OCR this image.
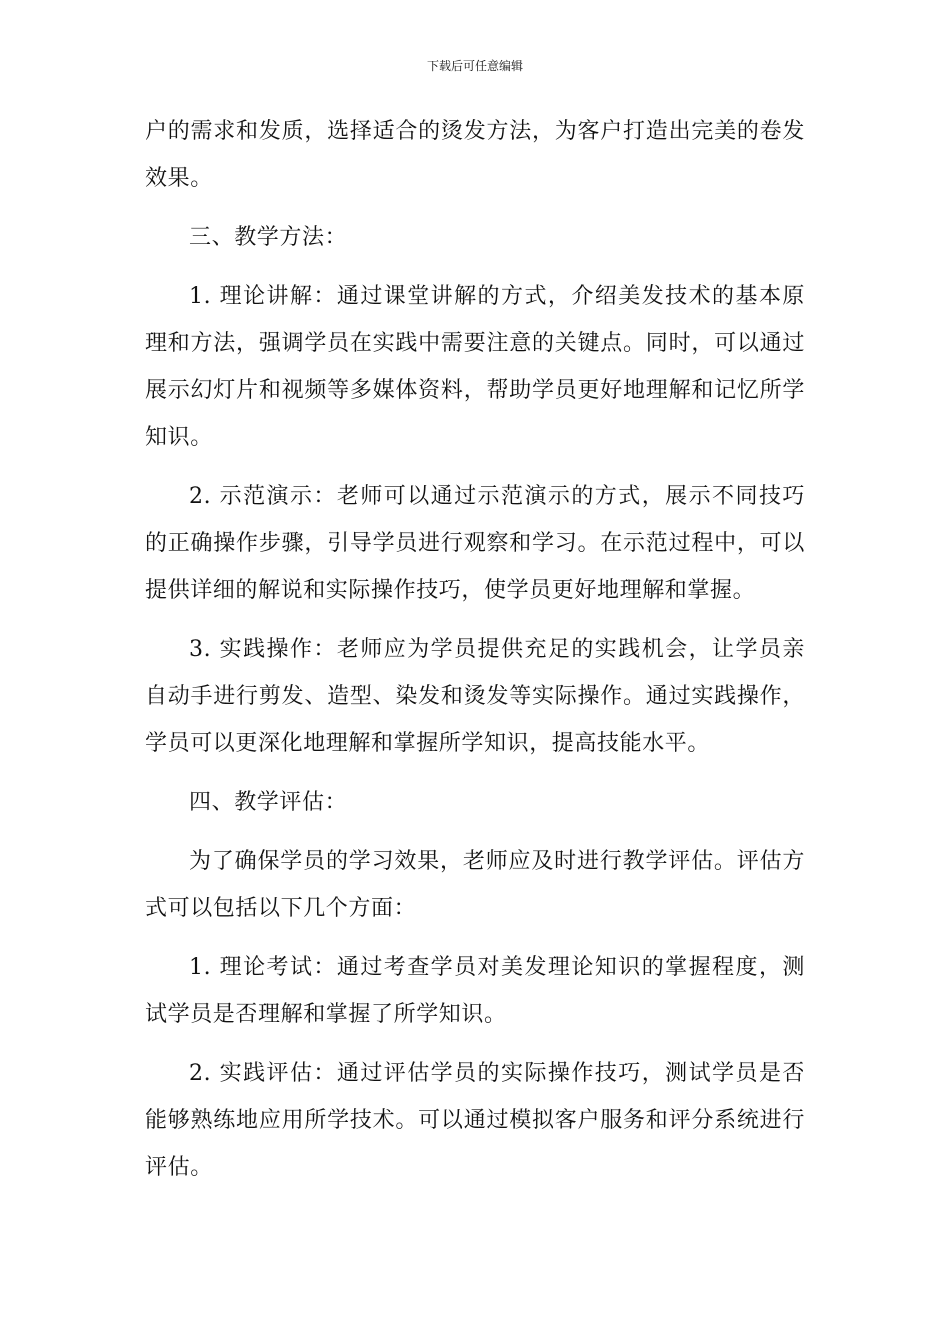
下载后可任意编辑

户的需求和发质，选择适合的烫发方法，为客户打造出完美的卷发效果。

三、教学方法：

1. 理论讲解：通过课堂讲解的方式，介绍美发技术的基本原理和方法，强调学员在实践中需要注意的关键点。同时，可以通过展示幻灯片和视频等多媒体资料，帮助学员更好地理解和记忆所学知识。

2. 示范演示：老师可以通过示范演示的方式，展示不同技巧的正确操作步骤，引导学员进行观察和学习。在示范过程中，可以提供详细的解说和实际操作技巧，使学员更好地理解和掌握。

3. 实践操作：老师应为学员提供充足的实践机会，让学员亲自动手进行剪发、造型、染发和烫发等实际操作。通过实践操作，学员可以更深化地理解和掌握所学知识，提高技能水平。

四、教学评估：

为了确保学员的学习效果，老师应及时进行教学评估。评估方式可以包括以下几个方面：

1. 理论考试：通过考查学员对美发理论知识的掌握程度，测试学员是否理解和掌握了所学知识。

2. 实践评估：通过评估学员的实际操作技巧，测试学员是否能够熟练地应用所学技术。可以通过模拟客户服务和评分系统进行评估。
